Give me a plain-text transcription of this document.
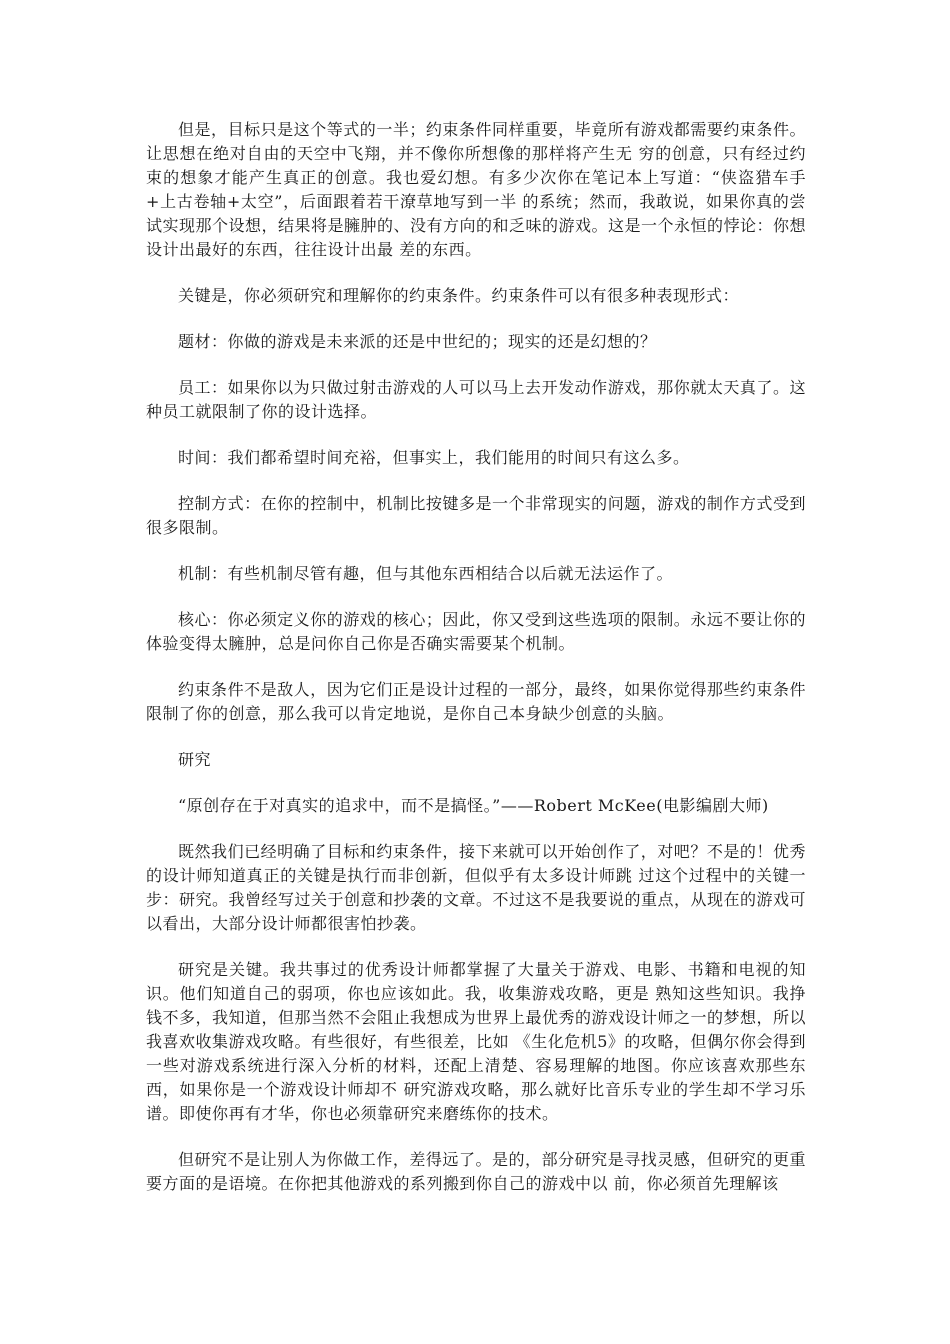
但是，目标只是这个等式的一半；约束条件同样重要，毕竟所有游戏都需要约束条件。让思想在绝对自由的天空中飞翔，并不像你所想像的那样将产生无 穷的创意，只有经过约束的想象才能产生真正的创意。我也爱幻想。有多少次你在笔记本上写道：“侠盗猎车手+上古卷轴+太空”，后面跟着若干潦草地写到一半 的系统；然而，我敢说，如果你真的尝试实现那个设想，结果将是臃肿的、没有方向的和乏味的游戏。这是一个永恒的悖论：你想设计出最好的东西，往往设计出最 差的东西。

关键是，你必须研究和理解你的约束条件。约束条件可以有很多种表现形式：

题材：你做的游戏是未来派的还是中世纪的；现实的还是幻想的？

员工：如果你以为只做过射击游戏的人可以马上去开发动作游戏，那你就太天真了。这种员工就限制了你的设计选择。

时间：我们都希望时间充裕，但事实上，我们能用的时间只有这么多。

控制方式：在你的控制中，机制比按键多是一个非常现实的问题，游戏的制作方式受到很多限制。

机制：有些机制尽管有趣，但与其他东西相结合以后就无法运作了。

核心：你必须定义你的游戏的核心；因此，你又受到这些选项的限制。永远不要让你的体验变得太臃肿，总是问你自己你是否确实需要某个机制。

约束条件不是敌人，因为它们正是设计过程的一部分，最终，如果你觉得那些约束条件限制了你的创意，那么我可以肯定地说，是你自己本身缺少创意的头脑。

研究

“原创存在于对真实的追求中，而不是搞怪。”——Robert McKee(电影编剧大师)

既然我们已经明确了目标和约束条件，接下来就可以开始创作了，对吧？不是的！优秀的设计师知道真正的关键是执行而非创新，但似乎有太多设计师跳 过这个过程中的关键一步：研究。我曾经写过关于创意和抄袭的文章。不过这不是我要说的重点，从现在的游戏可以看出，大部分设计师都很害怕抄袭。

研究是关键。我共事过的优秀设计师都掌握了大量关于游戏、电影、书籍和电视的知识。他们知道自己的弱项，你也应该如此。我，收集游戏攻略，更是 熟知这些知识。我挣钱不多，我知道，但那当然不会阻止我想成为世界上最优秀的游戏设计师之一的梦想，所以我喜欢收集游戏攻略。有些很好，有些很差，比如 《生化危机5》的攻略，但偶尔你会得到一些对游戏系统进行深入分析的材料，还配上清楚、容易理解的地图。你应该喜欢那些东西，如果你是一个游戏设计师却不 研究游戏攻略，那么就好比音乐专业的学生却不学习乐谱。即使你再有才华，你也必须靠研究来磨练你的技术。

但研究不是让别人为你做工作，差得远了。是的，部分研究是寻找灵感，但研究的更重要方面的是语境。在你把其他游戏的系列搬到你自己的游戏中以 前，你必须首先理解该
